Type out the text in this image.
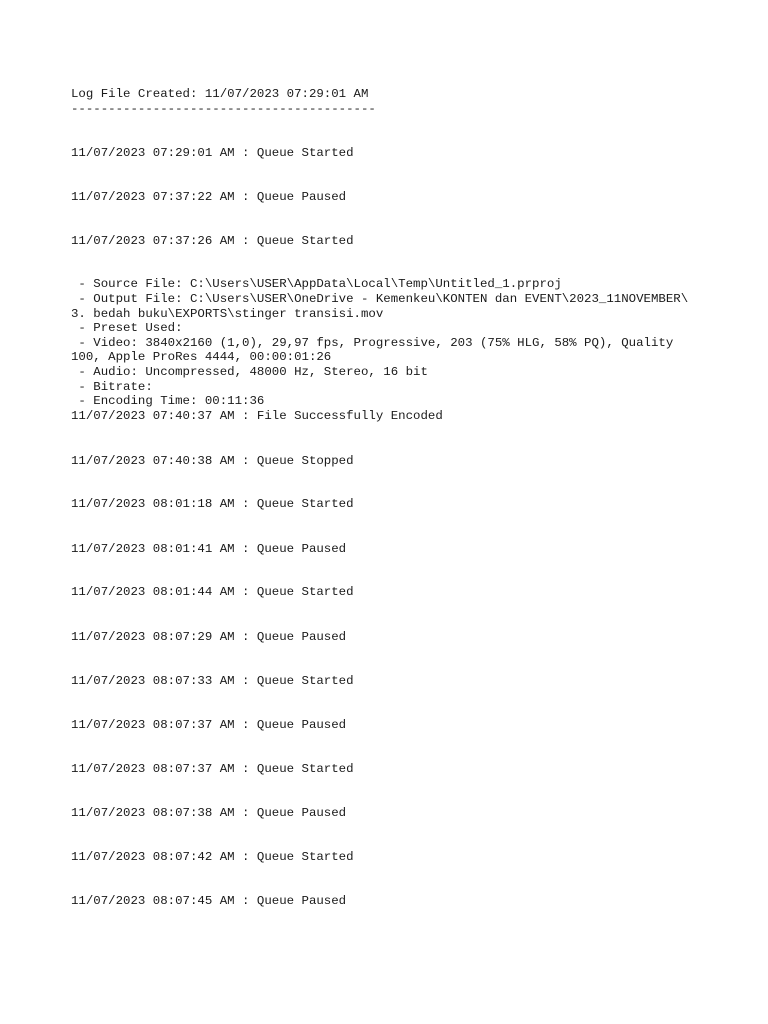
Log File Created: 11/07/2023 07:29:01 AM
-----------------------------------------
11/07/2023 07:29:01 AM : Queue Started
11/07/2023 07:37:22 AM : Queue Paused
11/07/2023 07:37:26 AM : Queue Started
- Source File: C:\Users\USER\AppData\Local\Temp\Untitled_1.prproj
- Output File: C:\Users\USER\OneDrive - Kemenkeu\KONTEN dan EVENT\2023_11NOVEMBER\
3. bedah buku\EXPORTS\stinger transisi.mov
- Preset Used:
- Video: 3840x2160 (1,0), 29,97 fps, Progressive, 203 (75% HLG, 58% PQ), Quality
100, Apple ProRes 4444, 00:00:01:26
- Audio: Uncompressed, 48000 Hz, Stereo, 16 bit
- Bitrate:
- Encoding Time: 00:11:36
11/07/2023 07:40:37 AM : File Successfully Encoded
11/07/2023 07:40:38 AM : Queue Stopped
11/07/2023 08:01:18 AM : Queue Started
11/07/2023 08:01:41 AM : Queue Paused
11/07/2023 08:01:44 AM : Queue Started
11/07/2023 08:07:29 AM : Queue Paused
11/07/2023 08:07:33 AM : Queue Started
11/07/2023 08:07:37 AM : Queue Paused
11/07/2023 08:07:37 AM : Queue Started
11/07/2023 08:07:38 AM : Queue Paused
11/07/2023 08:07:42 AM : Queue Started
11/07/2023 08:07:45 AM : Queue Paused
